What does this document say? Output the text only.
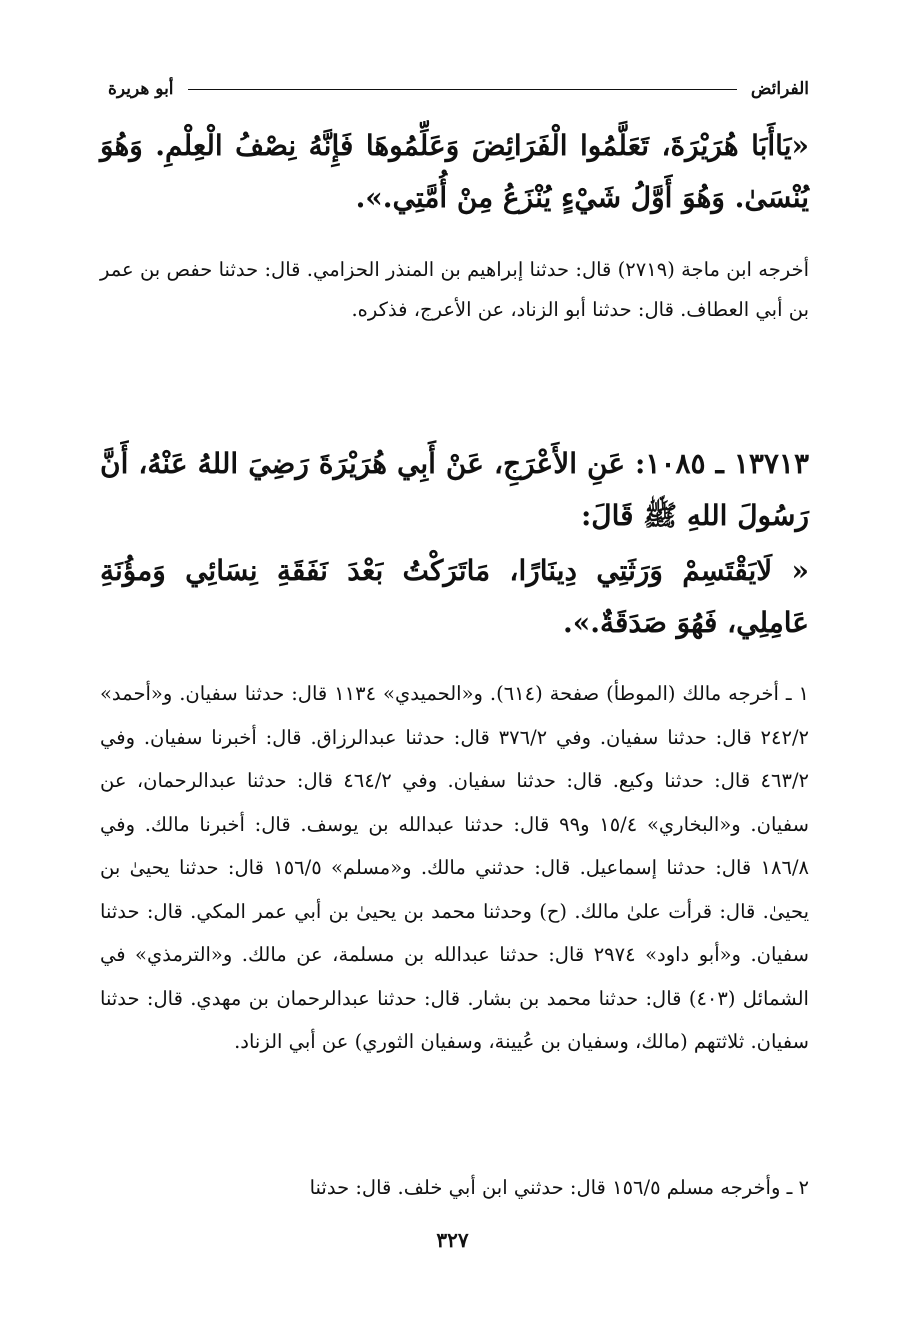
الفرائض
أبو هريرة

«يَاأَبَا هُرَيْرَةَ، تَعَلَّمُوا الْفَرَائِضَ وَعَلِّمُوهَا فَإِنَّهُ نِصْفُ الْعِلْمِ. وَهُوَ يُنْسَىٰ. وَهُوَ أَوَّلُ شَيْءٍ يُنْزَعُ مِنْ أُمَّتِي.».

أخرجه ابن ماجة (٢٧١٩) قال: حدثنا إبراهيم بن المنذر الحزامي. قال: حدثنا حفص بن عمر بن أبي العطاف. قال: حدثنا أبو الزناد، عن الأعرج، فذكره.

١٣٧١٣ ـ ١٠٨٥: عَنِ الأَعْرَجِ، عَنْ أَبِي هُرَيْرَةَ رَضِيَ اللهُ عَنْهُ، أَنَّ رَسُولَ اللهِ ﷺ قَالَ:

« لَايَقْتَسِمْ وَرَثَتِي دِينَارًا، مَاتَرَكْتُ بَعْدَ نَفَقَةِ نِسَائِي وَمؤُنَةِ عَامِلِي، فَهُوَ صَدَقَةٌ.».

١ ـ أخرجه مالك (الموطأ) صفحة (٦١٤). و«الحميدي» ١١٣٤ قال: حدثنا سفيان. و«أحمد» ٢٤٢/٢ قال: حدثنا سفيان. وفي ٣٧٦/٢ قال: حدثنا عبدالرزاق. قال: أخبرنا سفيان. وفي ٤٦٣/٢ قال: حدثنا وكيع. قال: حدثنا سفيان. وفي ٤٦٤/٢ قال: حدثنا عبدالرحمان، عن سفيان. و«البخاري» ١٥/٤ و٩٩ قال: حدثنا عبدالله بن يوسف. قال: أخبرنا مالك. وفي ١٨٦/٨ قال: حدثنا إسماعيل. قال: حدثني مالك. و«مسلم» ١٥٦/٥ قال: حدثنا يحيىٰ بن يحيىٰ. قال: قرأت علىٰ مالك. (ح) وحدثنا محمد بن يحيىٰ بن أبي عمر المكي. قال: حدثنا سفيان. و«أبو داود» ٢٩٧٤ قال: حدثنا عبدالله بن مسلمة، عن مالك. و«الترمذي» في الشمائل (٤٠٣) قال: حدثنا محمد بن بشار. قال: حدثنا عبدالرحمان بن مهدي. قال: حدثنا سفيان. ثلاثتهم (مالك، وسفيان بن عُيينة، وسفيان الثوري) عن أبي الزناد.

٢ ـ وأخرجه مسلم ١٥٦/٥ قال: حدثني ابن أبي خلف. قال: حدثنا

٣٢٧
